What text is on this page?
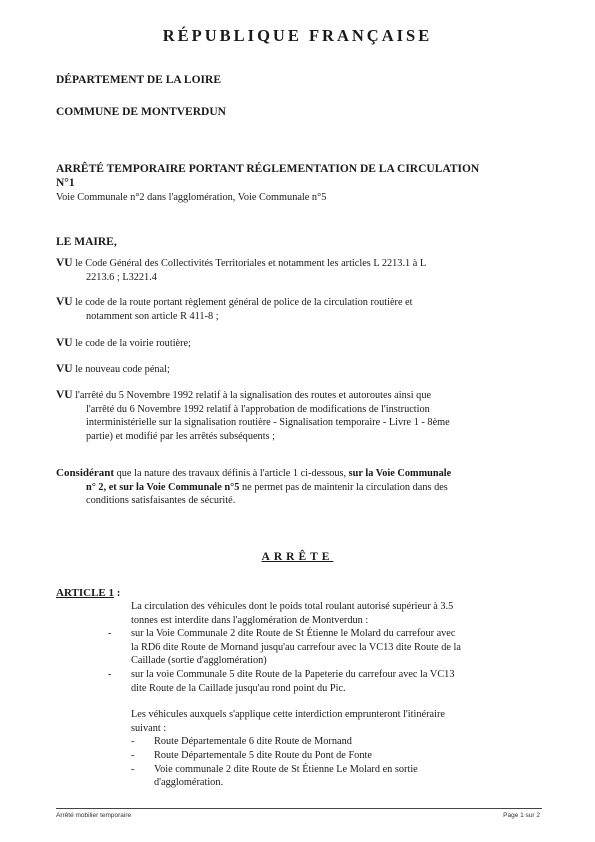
RÉPUBLIQUE FRANÇAISE
DÉPARTEMENT DE LA LOIRE
COMMUNE DE MONTVERDUN
ARRÊTÉ TEMPORAIRE PORTANT RÉGLEMENTATION DE LA CIRCULATION
N°1
Voie Communale n°2 dans l'agglomération, Voie Communale n°5
LE MAIRE,
VU le Code Général des Collectivités Territoriales et notamment les articles L 2213.1 à L
2213.6 ; L3221.4
VU le code de la route portant règlement général de police de la circulation routière et
notamment son article R 411-8 ;
VU le code de la voirie routière;
VU le nouveau code pénal;
VU l'arrêté du 5 Novembre 1992 relatif à la signalisation des routes et autoroutes ainsi que
l'arrêté du 6 Novembre 1992 relatif à l'approbation de modifications de l'instruction
interministérielle sur la signalisation routière - Signalisation temporaire - Livre 1 - 8ème
partie) et modifié par les arrêtés subséquents ;
Considérant que la nature des travaux définis à l'article 1 ci-dessous, sur la Voie Communale
n° 2, et sur la Voie Communale n°5 ne permet pas de maintenir la circulation dans des
conditions satisfaisantes de sécurité.
ARRÊTE
ARTICLE 1 :
La circulation des véhicules dont le poids total roulant autorisé supérieur à 3.5
tonnes est interdite dans l'agglomération de Montverdun :
- sur la Voie Communale 2 dite Route de St Étienne le Molard du carrefour avec
la RD6 dite Route de Mornand jusqu'au carrefour avec la VC13 dite Route de la
Caillade (sortie d'agglomération)
- sur la voie Communale 5 dite Route de la Papeterie du carrefour avec la VC13
dite Route de la Caillade jusqu'au rond point du Pic.
Les véhicules auxquels s'applique cette interdiction emprunteront l'itinéraire
suivant :
- Route Départementale 6 dite Route de Mornand
- Route Départementale 5 dite Route du Pont de Fonte
- Voie communale 2 dite Route de St Étienne Le Molard en sortie
d'agglomération.
Arrêté mobilier temporaire	Page 1 sur 2
